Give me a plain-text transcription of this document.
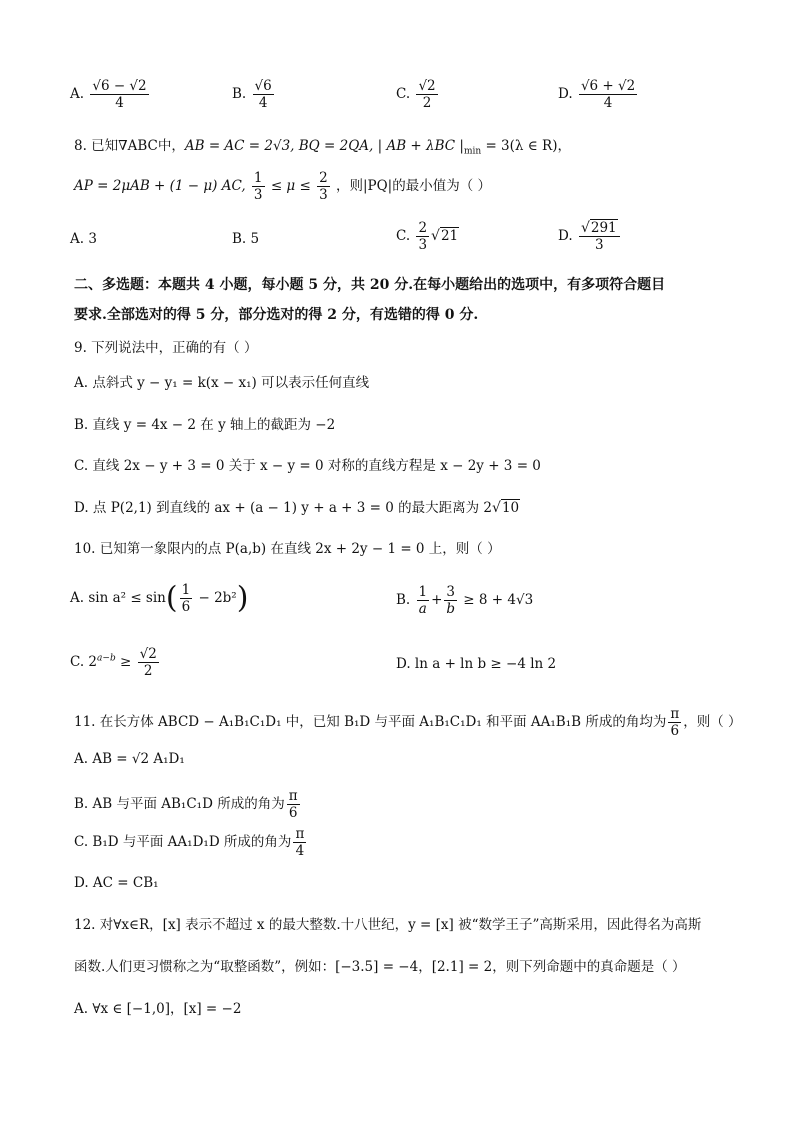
A. $\frac{√6 - √2}{4}$	B. $\frac{√6}{4}$	C. $\frac{√2}{2}$	D. $\frac{√6 + √2}{4}$
8. 已知∇ABC中，AB = AC = 2√3, BQ = 2QA, | AB + λBC $|_{min} = 3(\lambda$ ∈ R)，
AP = 2μAB + (1 − μ) AC, $\frac{1}{3} \le \mu \le \frac{2}{3}$ ，则|PQ|的最小值为（ ）
A. 3	B. 5	C. $\frac{2}{3} √21$	D. $\frac{√291}{3}$
二、多选题：本题共 4 小题，每小题 5 分，共 20 分.在每小题给出的选项中，有多项符合题目
要求.全部选对的得 5 分，部分选对的得 2 分，有选错的得 0 分.
9. 下列说法中，正确的有（ ）
A. 点斜式 y − y₁ = k(x − x₁) 可以表示任何直线
B. 直线 y = 4x − 2 在 y 轴上的截距为 −2
C. 直线 2x − y + 3 = 0 关于 x − y = 0 对称的直线方程是 x − 2y + 3 = 0
D. 点 P(2,1) 到直线的 ax + (a − 1) y + a + 3 = 0 的最大距离为 2√10
10. 已知第一象限内的点 P(a,b) 在直线 2x + 2y − 1 = 0 上，则（ ）
A. $\sin a^2 \le \sin( \frac{1}{6} - 2b^2)$	B. $\frac{1}{a} + \frac{3}{b} \ge 8 + 4√3$
C. $2^{a-b} \ge \frac{√2}{2}$	D. ln a + ln b ≥ −4 ln 2
11. 在长方体 ABCD − A₁B₁C₁D₁ 中，已知 B₁D 与平面 A₁B₁C₁D₁ 和平面 AA₁B₁B 所成的角均为 $\frac{\pi}{6}$ ，则（ ）
A. AB = √2 A₁D₁
B. AB 与平面 AB₁C₁D 所成的角为 $\frac{\pi}{6}$
C. B₁D 与平面 AA₁D₁D 所成的角为 $\frac{\pi}{4}$
D. AC = CB₁
12. 对∀x∈R，[x] 表示不超过 x 的最大整数.十八世纪，y = [x] 被“数学王子”高斯采用，因此得名为高斯
函数.人们更习惯称之为“取整函数”，例如：[−3.5] = −4，[2.1] = 2，则下列命题中的真命题是（ ）
A. ∀x ∈ [−1,0]，[x] = −2
